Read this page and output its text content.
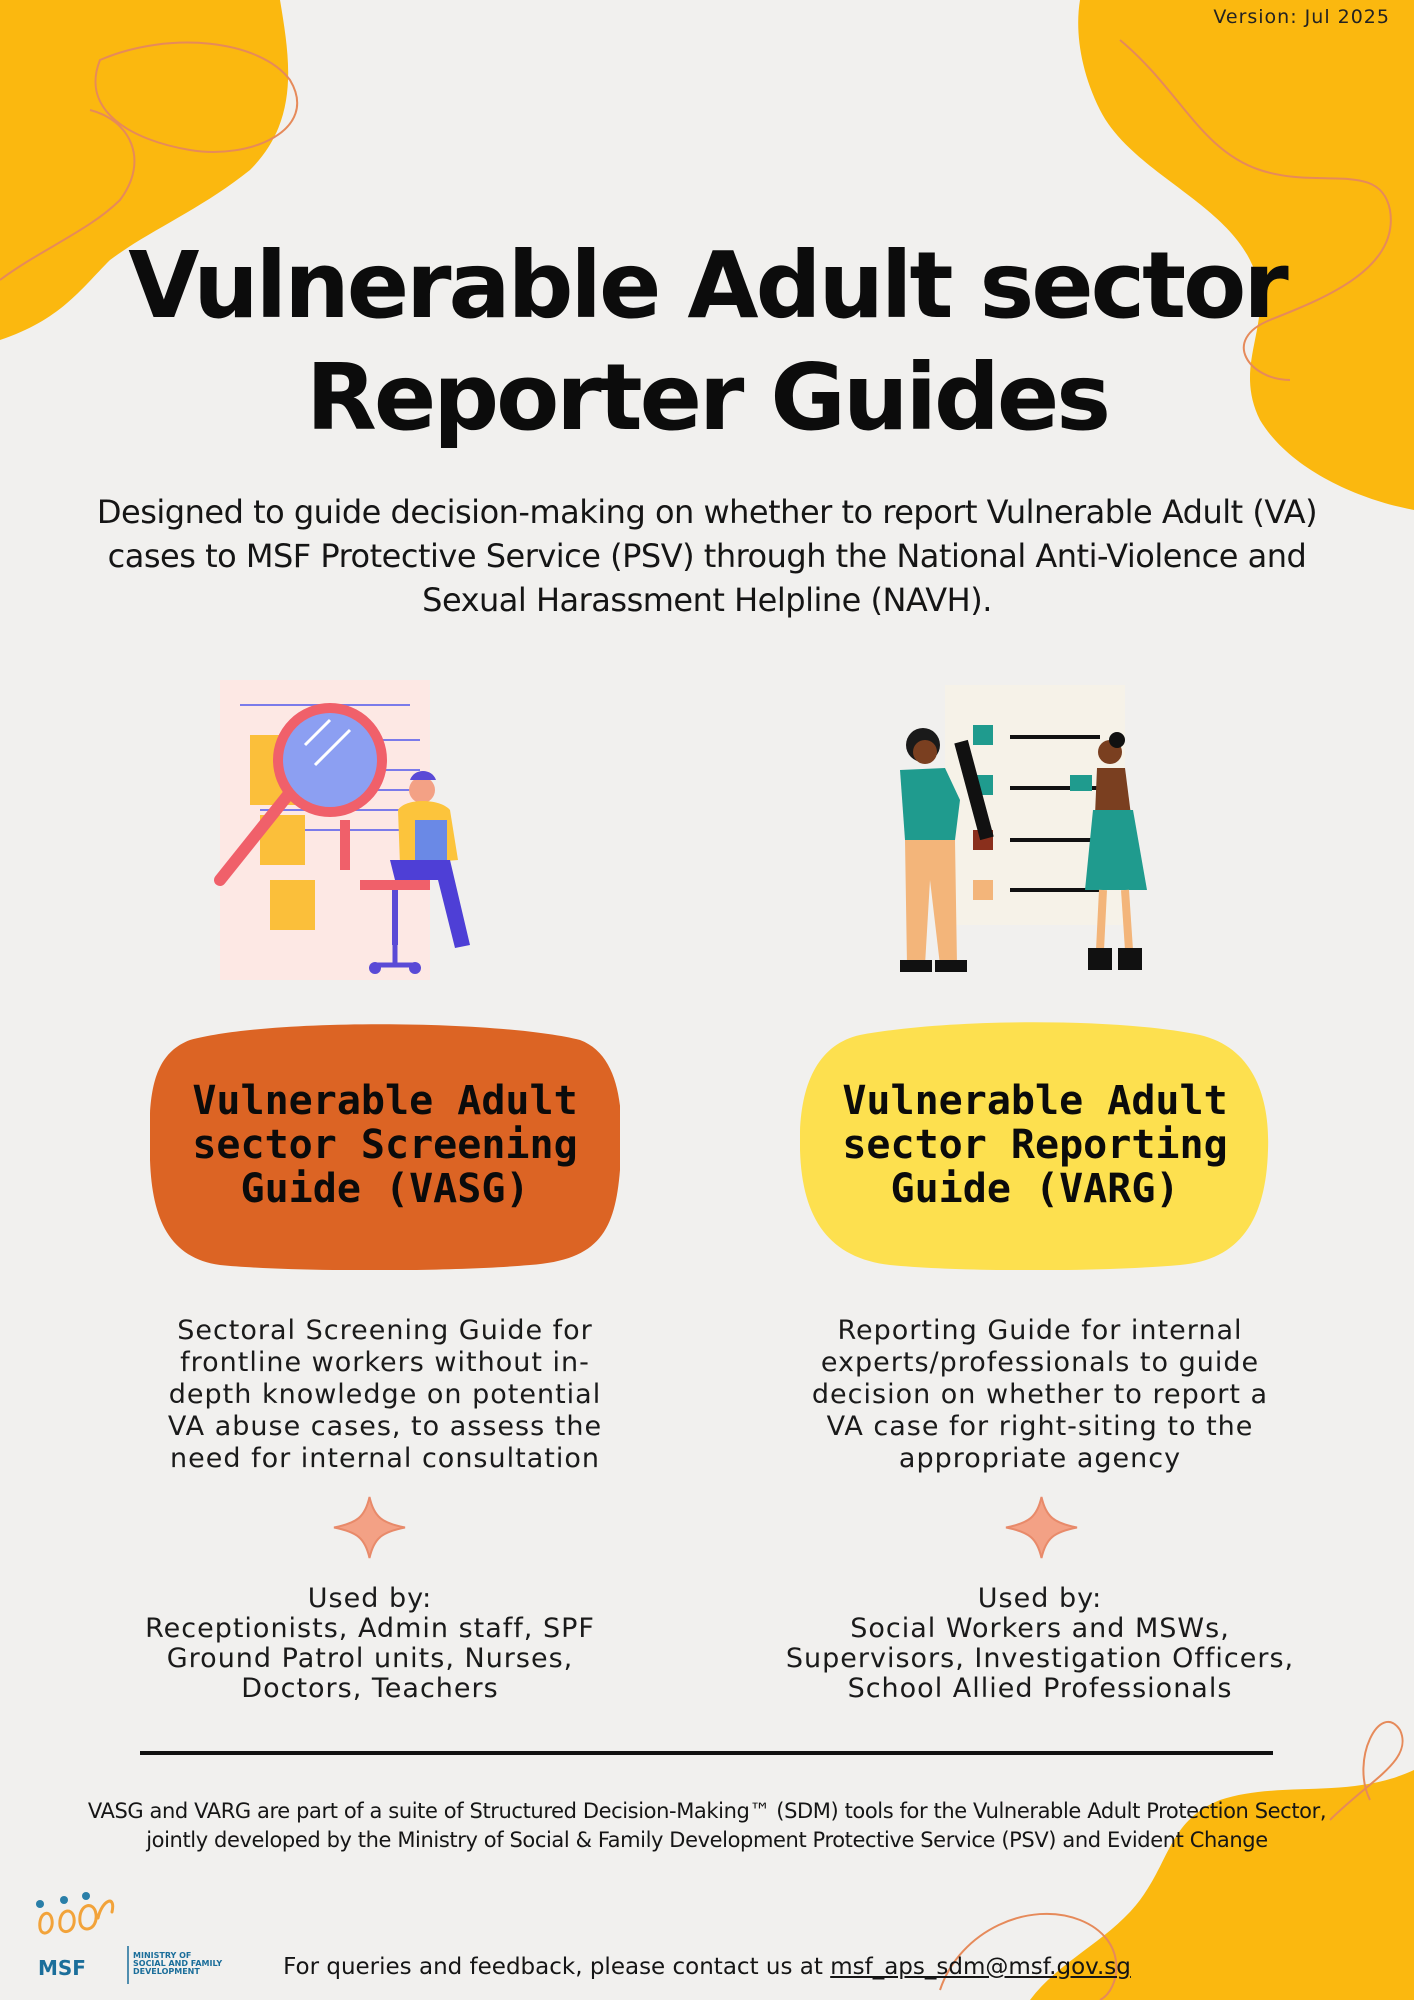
Version: Jul 2025
Vulnerable Adult sector
Reporter Guides

Designed to guide decision-making on whether to report Vulnerable Adult (VA)
cases to MSF Protective Service (PSV) through the National Anti-Violence and
Sexual Harassment Helpline (NAVH).

Vulnerable Adult
sector Screening
Guide (VASG)
Vulnerable Adult
sector Reporting
Guide (VARG)

Sectoral Screening Guide for
frontline workers without in-
depth knowledge on potential
VA abuse cases, to assess the
need for internal consultation

Reporting Guide for internal
experts/professionals to guide
decision on whether to report a
VA case for right-siting to the
appropriate agency

Used by:
Receptionists, Admin staff, SPF
Ground Patrol units, Nurses,
Doctors, Teachers

Used by:
Social Workers and MSWs,
Supervisors, Investigation Officers,
School Allied Professionals

VASG and VARG are part of a suite of Structured Decision-Making™ (SDM) tools for the Vulnerable Adult Protection Sector,
jointly developed by the Ministry of Social & Family Development Protective Service (PSV) and Evident Change

MSF
MINISTRY OF
SOCIAL AND FAMILY
DEVELOPMENT	For queries and feedback, please contact us at msf_aps_sdm@msf.gov.sg
